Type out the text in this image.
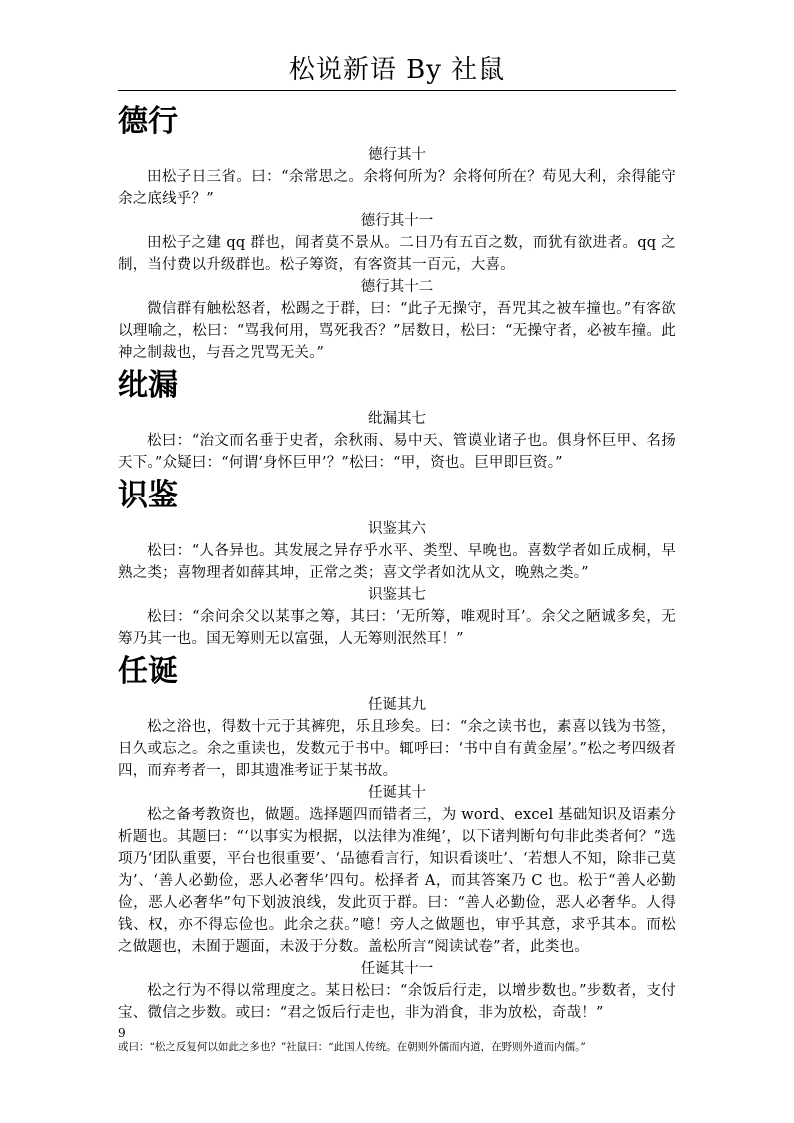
松说新语 By 社鼠
德行

德行其十

田松子日三省。曰：“余常思之。余将何所为？余将何所在？苟见大利，余得能守余之底线乎？”

德行其十一

田松子之建 qq 群也，闻者莫不景从。二日乃有五百之数，而犹有欲进者。qq 之制，当付费以升级群也。松子筹资，有客资其一百元，大喜。

德行其十二

微信群有触松怒者，松踢之于群，曰：“此子无操守，吾咒其之被车撞也。”有客欲以理喻之，松曰：“骂我何用，骂死我否？”居数日，松曰：“无操守者，必被车撞。此神之制裁也，与吾之咒骂无关。”

纰漏

纰漏其七

松曰：“治文而名垂于史者，余秋雨、易中天、管谟业诸子也。俱身怀巨甲、名扬天下。”众疑曰：“何谓‘身怀巨甲’？”松曰：“甲，资也。巨甲即巨资。”

识鉴

识鉴其六

松曰：“人各异也。其发展之异存乎水平、类型、早晚也。喜数学者如丘成桐，早熟之类；喜物理者如薛其坤，正常之类；喜文学者如沈从文，晚熟之类。”

识鉴其七

松曰：“余问余父以某事之筹，其曰：‘无所筹，唯观时耳’。余父之陋诚多矣，无筹乃其一也。国无筹则无以富强，人无筹则泯然耳！”

任诞

任诞其九

松之浴也，得数十元于其裤兜，乐且珍矣。曰：“余之读书也，素喜以钱为书签，日久或忘之。余之重读也，发数元于书中。辄呼曰：‘书中自有黄金屋’。”松之考四级者四，而弃考者一，即其遗准考证于某书故。

任诞其十

松之备考教资也，做题。选择题四而错者三，为 word、excel 基础知识及语素分析题也。其题曰：“‘以事实为根据，以法律为准绳’，以下诸判断句句非此类者何？”选项乃‘团队重要，平台也很重要’、‘品德看言行，知识看谈吐’、‘若想人不知，除非己莫为’、‘善人必勤俭，恶人必奢华’四句。松择者 A，而其答案乃 C 也。松于“善人必勤俭，恶人必奢华”句下划波浪线，发此页于群。曰：“善人必勤俭，恶人必奢华。人得钱、权，亦不得忘俭也。此余之获。”噫！旁人之做题也，审乎其意，求乎其本。而松之做题也，未囿于题面，未汲于分数。盖松所言“阅读试卷”者，此类也。

任诞其十一

松之行为不得以常理度之。某日松曰：“余饭后行走，以增步数也。”步数者，支付宝、微信之步数。或曰：“君之饭后行走也，非为消食，非为放松，奇哉！”

9
或曰：“松之反复何以如此之多也？”社鼠曰：“此国人传统。在朝则外儒而内道，在野则外道而内儒。”
